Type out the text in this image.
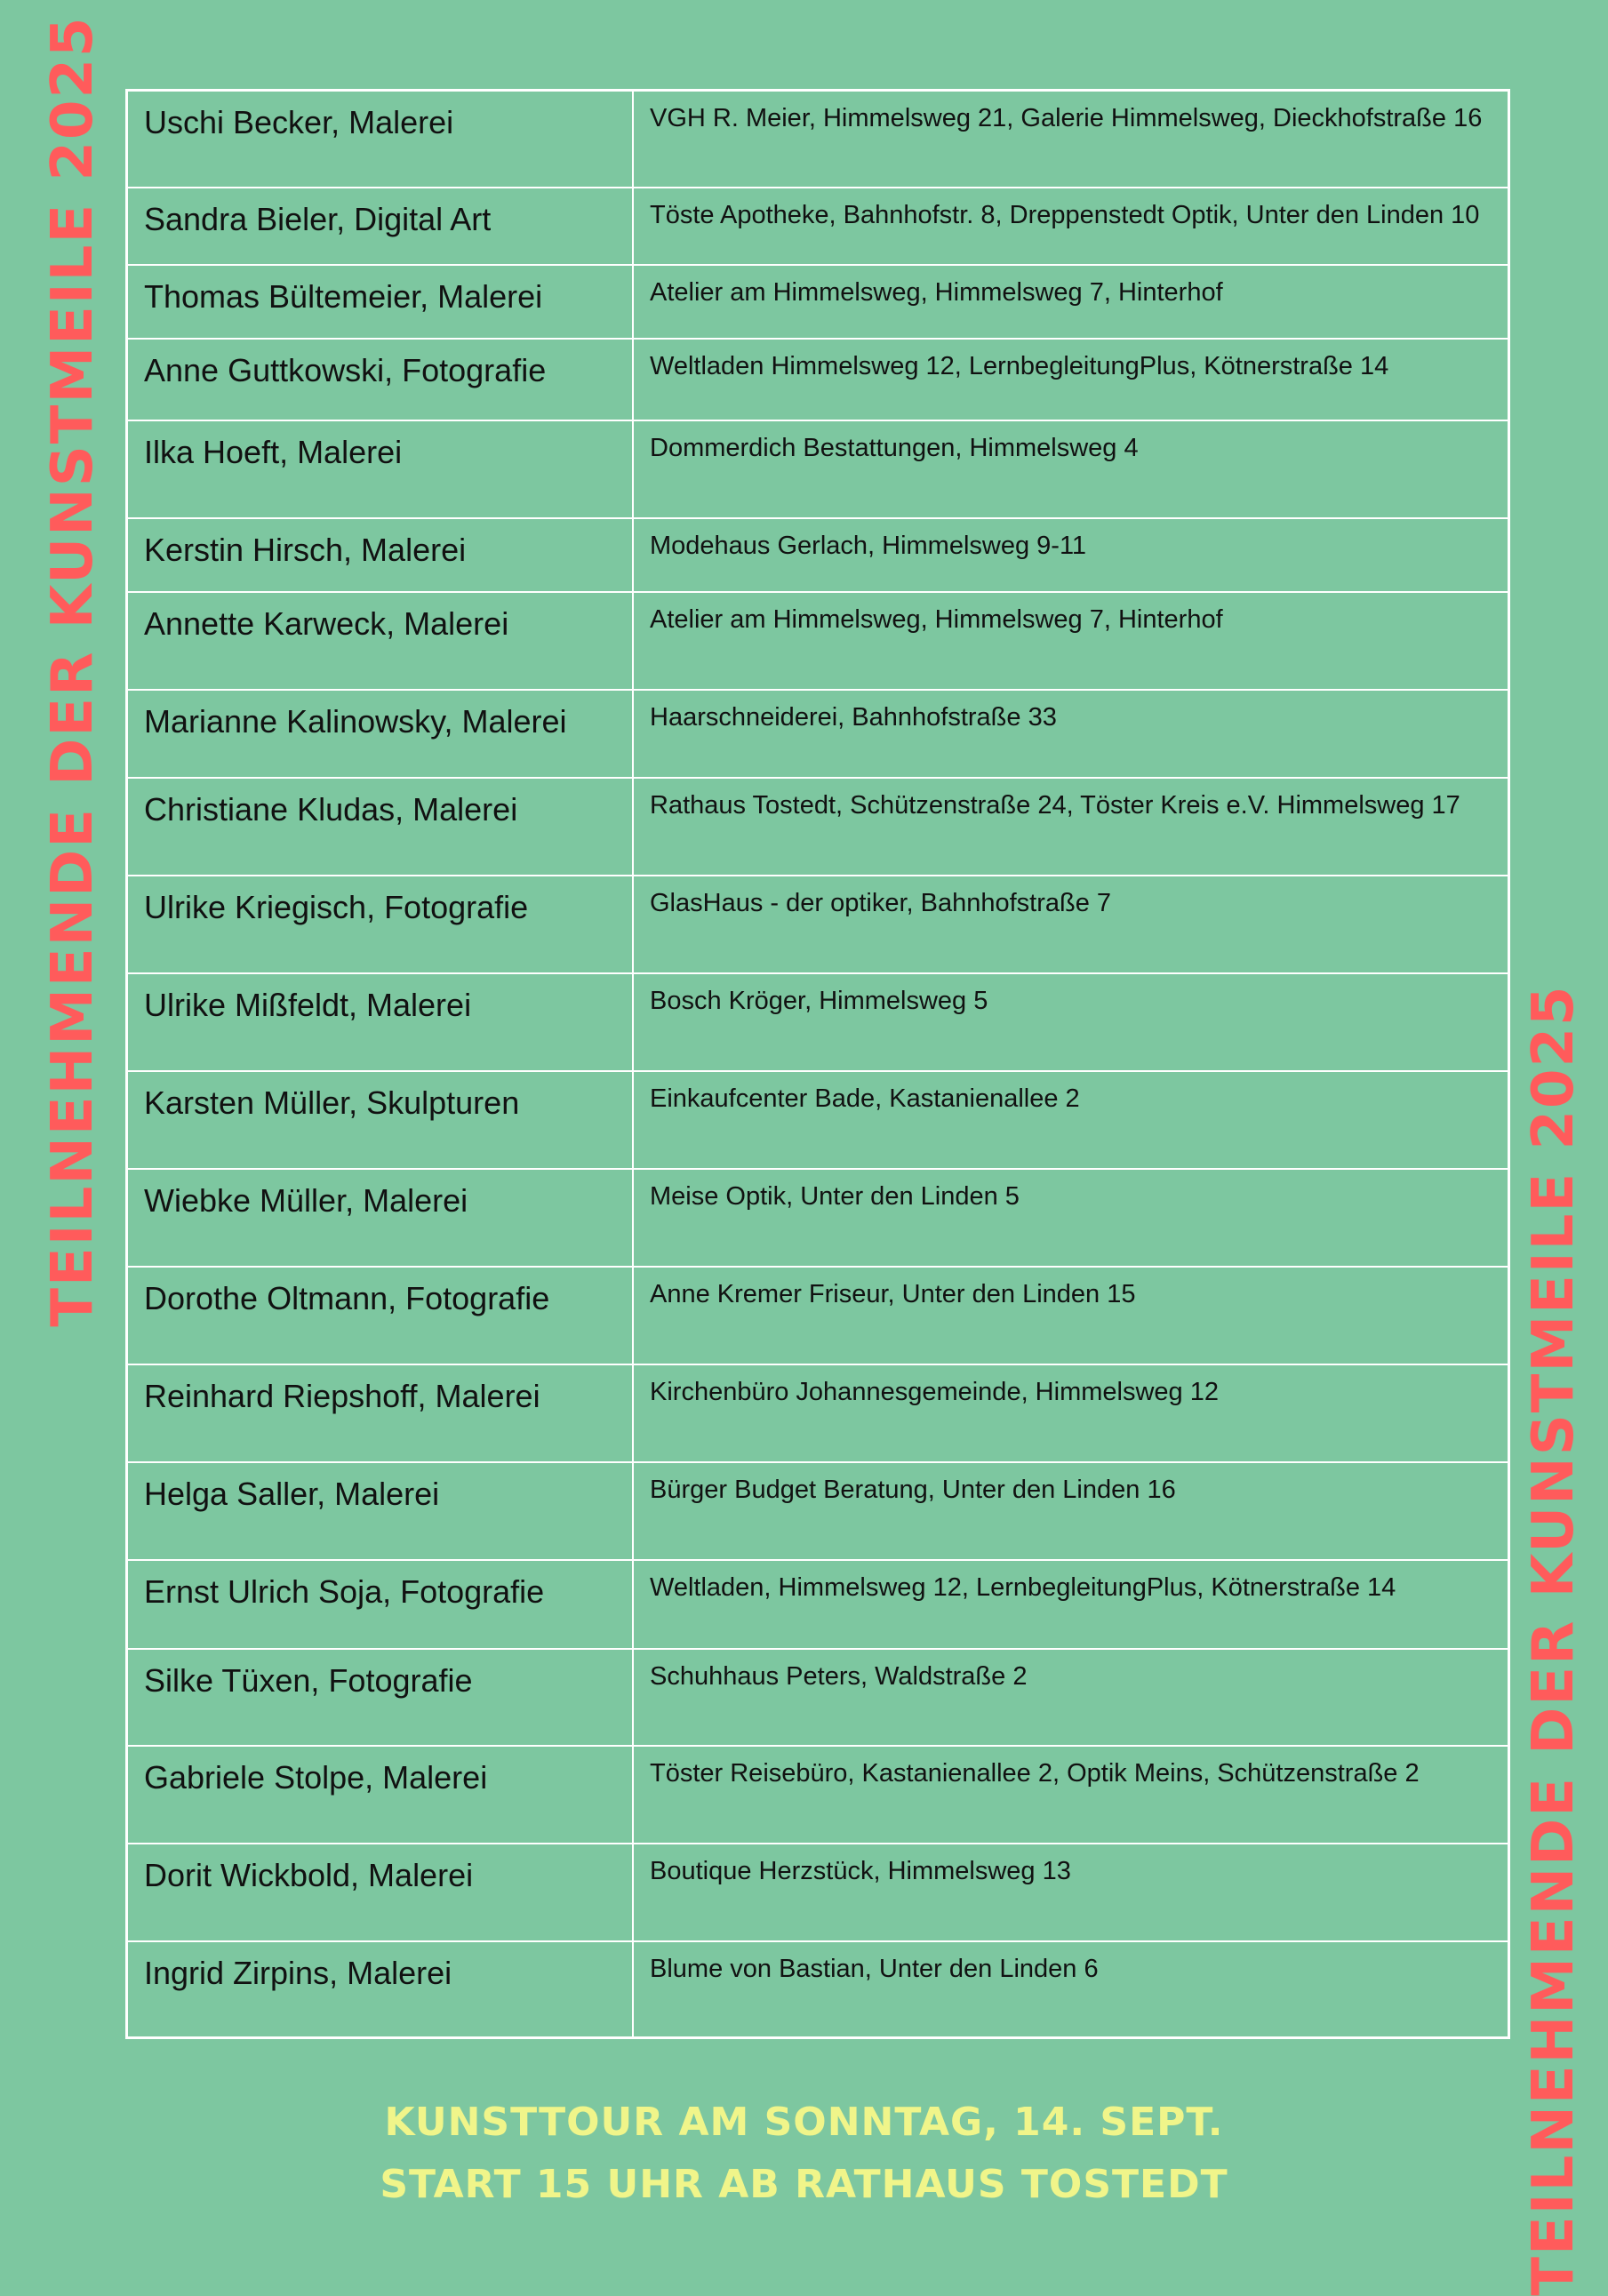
TEILNEHMENDE DER KUNSTMEILE 2025
TEILNEHMENDE DER KUNSTMEILE 2025
Uschi Becker, Malerei	VGH R. Meier, Himmelsweg 21, Galerie Himmelsweg, Dieckhofstraße 16
Sandra Bieler, Digital Art	Töste Apotheke, Bahnhofstr. 8, Dreppenstedt Optik, Unter den Linden 10
Thomas Bültemeier, Malerei	Atelier am Himmelsweg, Himmelsweg 7, Hinterhof
Anne Guttkowski, Fotografie	Weltladen Himmelsweg 12, LernbegleitungPlus, Kötnerstraße 14
Ilka Hoeft, Malerei	Dommerdich Bestattungen, Himmelsweg 4
Kerstin Hirsch, Malerei	Modehaus Gerlach, Himmelsweg 9-11
Annette Karweck, Malerei	Atelier am Himmelsweg, Himmelsweg 7, Hinterhof
Marianne Kalinowsky, Malerei	Haarschneiderei, Bahnhofstraße 33
Christiane Kludas, Malerei	Rathaus Tostedt, Schützenstraße 24, Töster Kreis e.V. Himmelsweg 17
Ulrike Kriegisch, Fotografie	GlasHaus - der optiker, Bahnhofstraße 7
Ulrike Mißfeldt, Malerei	Bosch Kröger, Himmelsweg 5
Karsten Müller, Skulpturen	Einkaufcenter Bade, Kastanienallee 2
Wiebke Müller, Malerei	Meise Optik, Unter den Linden 5
Dorothe Oltmann, Fotografie	Anne Kremer Friseur, Unter den Linden 15
Reinhard Riepshoff, Malerei	Kirchenbüro Johannesgemeinde, Himmelsweg 12
Helga Saller, Malerei	Bürger Budget Beratung, Unter den Linden 16
Ernst Ulrich Soja, Fotografie	Weltladen, Himmelsweg 12, LernbegleitungPlus, Kötnerstraße 14
Silke Tüxen, Fotografie	Schuhhaus Peters, Waldstraße 2
Gabriele Stolpe, Malerei	Töster Reisebüro, Kastanienallee 2, Optik Meins, Schützenstraße 2
Dorit Wickbold, Malerei	Boutique Herzstück, Himmelsweg 13
Ingrid Zirpins, Malerei	Blume von Bastian, Unter den Linden 6
KUNSTTOUR AM SONNTAG, 14. SEPT.
START 15 UHR AB RATHAUS TOSTEDT
